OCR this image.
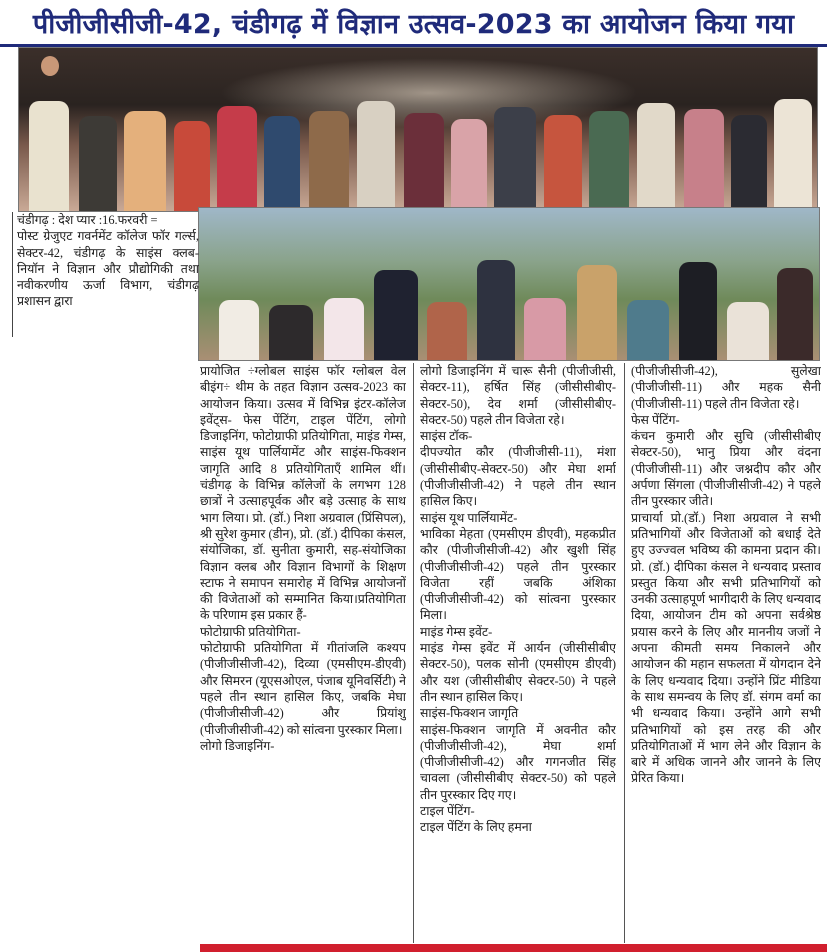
पीजीजीसीजी-42, चंडीगढ़ में विज्ञान उत्सव-2023 का आयोजन किया गया
चंडीगढ़ : देश प्यार :16.फरवरी =
पोस्ट ग्रेजुएट गवर्नमेंट कॉलेज फॉर गर्ल्स, सेक्टर-42, चंडीगढ़ के साइंस क्लब- नियॉन ने विज्ञान और प्रौद्योगिकी तथा नवीकरणीय ऊर्जा विभाग, चंडीगढ़ प्रशासन द्वारा
प्रायोजित ÷ग्लोबल साइंस फॉर ग्लोबल वेल बीइंग÷ थीम के तहत विज्ञान उत्सव-2023 का आयोजन किया। उत्सव में विभिन्न इंटर-कॉलेज इवेंट्स- फेस पेंटिंग, टाइल पेंटिंग, लोगो डिजाइनिंग, फोटोग्राफी प्रतियोगिता, माइंड गेम्स, साइंस यूथ पार्लियामेंट और साइंस-फिक्शन जागृति आदि 8 प्रतियोगिताएँ शामिल थीं।चंडीगढ़ के विभिन्न कॉलेजों के लगभग 128 छात्रों ने उत्साहपूर्वक और बड़े उत्साह के साथ भाग लिया। प्रो. (डॉ.) निशा अग्रवाल (प्रिंसिपल), श्री सुरेश कुमार (डीन), प्रो. (डॉ.) दीपिका कंसल, संयोजिका, डॉ. सुनीता कुमारी, सह-संयोजिका विज्ञान क्लब और विज्ञान विभागों के शिक्षण स्टाफ ने समापन समारोह में विभिन्न आयोजनों की विजेताओं को सम्मानित किया।प्रतियोगिता के परिणाम इस प्रकार हैं-
फोटोग्राफी प्रतियोगिता-
फोटोग्राफी प्रतियोगिता में गीतांजलि कश्यप (पीजीजीसीजी-42), दिव्या (एमसीएम-डीएवी) और सिमरन (यूएसओएल, पंजाब यूनिवर्सिटी) ने पहले तीन स्थान हासिल किए, जबकि मेघा (पीजीजीसीजी-42) और प्रियांशु (पीजीजीसीजी-42) को सांत्वना पुरस्कार मिला।
लोगो डिजाइनिंग-
लोगो डिजाइनिंग में चारू सैनी (पीजीजीसी, सेक्टर-11), हर्षित सिंह (जीसीसीबीए-सेक्टर-50), देव शर्मा (जीसीसीबीए-सेक्टर-50) पहले तीन विजेता रहे।
साइंस टॉक-
दीपज्योत कौर (पीजीजीसी-11), मंशा (जीसीसीबीए-सेक्टर-50) और मेघा शर्मा (पीजीजीसीजी-42) ने पहले तीन स्थान हासिल किए।
साइंस यूथ पार्लियामेंट-
भाविका मेहता (एमसीएम डीएवी), महकप्रीत कौर (पीजीजीसीजी-42) और खुशी सिंह (पीजीजीसीजी-42) पहले तीन पुरस्कार विजेता रहीं जबकि अंशिका (पीजीजीसीजी-42) को सांत्वना पुरस्कार मिला।
माइंड गेम्स इवेंट-
माइंड गेम्स इवेंट में आर्यन (जीसीसीबीए सेक्टर-50), पलक सोनी (एमसीएम डीएवी) और यश (जीसीसीबीए सेक्टर-50) ने पहले तीन स्थान हासिल किए।
साइंस-फिक्शन जागृति
साइंस-फिक्शन जागृति में अवनीत कौर (पीजीजीसीजी-42), मेघा शर्मा (पीजीजीसीजी-42) और गगनजीत सिंह चावला (जीसीसीबीए सेक्टर-50) को पहले तीन पुरस्कार दिए गए।
टाइल पेंटिंग-
टाइल पेंटिंग के लिए हमना
(पीजीजीसीजी-42), सुलेखा (पीजीजीसी-11) और महक सैनी (पीजीजीसी-11) पहले तीन विजेता रहे।
फेस पेंटिंग-
कंचन कुमारी और सुचि (जीसीसीबीए सेक्टर-50), भानु प्रिया और वंदना (पीजीजीसी-11) और जश्नदीप कौर और अर्पणा सिंगला (पीजीजीसीजी-42) ने पहले तीन पुरस्कार जीते।
प्राचार्या प्रो.(डॉ.) निशा अग्रवाल ने सभी प्रतिभागियों और विजेताओं को बधाई देते हुए उज्ज्वल भविष्य की कामना प्रदान की।प्रो. (डॉ.) दीपिका कंसल ने धन्यवाद प्रस्ताव प्रस्तुत किया और सभी प्रतिभागियों को उनकी उत्साहपूर्ण भागीदारी के लिए धन्यवाद दिया, आयोजन टीम को अपना सर्वश्रेष्ठ प्रयास करने के लिए और माननीय जजों ने अपना कीमती समय निकालने और आयोजन की महान सफलता में योगदान देने के लिए धन्यवाद दिया। उन्होंने प्रिंट मीडिया के साथ समन्वय के लिए डॉ. संगम वर्मा का भी धन्यवाद किया। उन्होंने आगे सभी प्रतिभागियों को इस तरह की और प्रतियोगिताओं में भाग लेने और विज्ञान के बारे में अधिक जानने और जानने के लिए प्रेरित किया।
